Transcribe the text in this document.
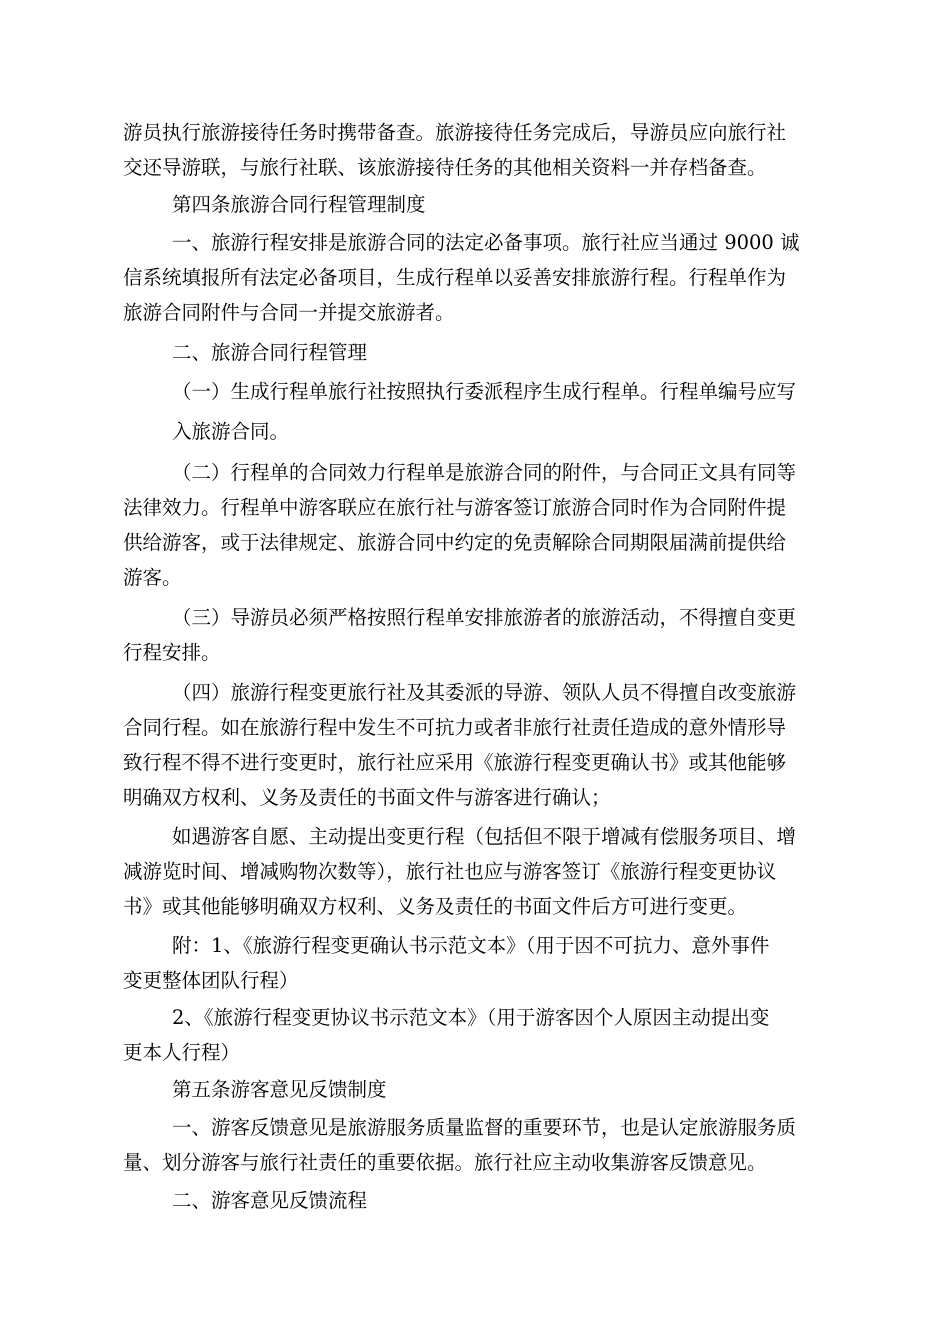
游员执行旅游接待任务时携带备查。旅游接待任务完成后，导游员应向旅行社

交还导游联，与旅行社联、该旅游接待任务的其他相关资料一并存档备查。

第四条旅游合同行程管理制度

一、旅游行程安排是旅游合同的法定必备事项。旅行社应当通过 9000 诚

信系统填报所有法定必备项目，生成行程单以妥善安排旅游行程。行程单作为

旅游合同附件与合同一并提交旅游者。

二、旅游合同行程管理

（一）生成行程单旅行社按照执行委派程序生成行程单。行程单编号应写

入旅游合同。

（二）行程单的合同效力行程单是旅游合同的附件，与合同正文具有同等

法律效力。行程单中游客联应在旅行社与游客签订旅游合同时作为合同附件提

供给游客，或于法律规定、旅游合同中约定的免责解除合同期限届满前提供给

游客。

（三）导游员必须严格按照行程单安排旅游者的旅游活动，不得擅自变更

行程安排。

（四）旅游行程变更旅行社及其委派的导游、领队人员不得擅自改变旅游

合同行程。如在旅游行程中发生不可抗力或者非旅行社责任造成的意外情形导

致行程不得不进行变更时，旅行社应采用《旅游行程变更确认书》或其他能够

明确双方权利、义务及责任的书面文件与游客进行确认；

如遇游客自愿、主动提出变更行程（包括但不限于增减有偿服务项目、增

减游览时间、增减购物次数等），旅行社也应与游客签订《旅游行程变更协议

书》或其他能够明确双方权利、义务及责任的书面文件后方可进行变更。

附：1、《旅游行程变更确认书示范文本》（用于因不可抗力、意外事件

变更整体团队行程）

2、《旅游行程变更协议书示范文本》（用于游客因个人原因主动提出变

更本人行程）

第五条游客意见反馈制度

一、游客反馈意见是旅游服务质量监督的重要环节，也是认定旅游服务质

量、划分游客与旅行社责任的重要依据。旅行社应主动收集游客反馈意见。

二、游客意见反馈流程
